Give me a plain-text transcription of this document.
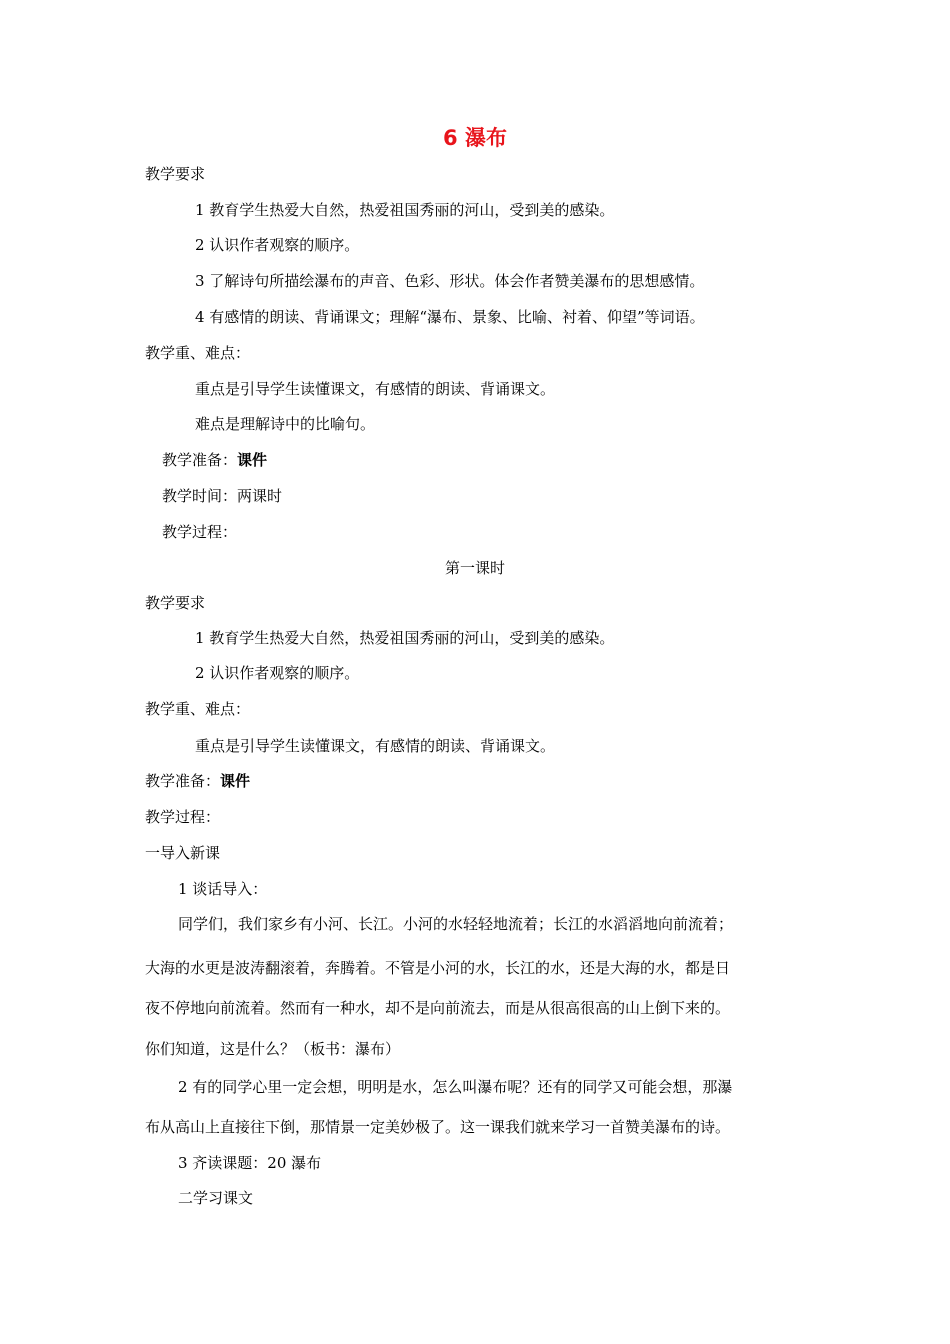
6 瀑布
教学要求
1 教育学生热爱大自然，热爱祖国秀丽的河山，受到美的感染。
2 认识作者观察的顺序。
3 了解诗句所描绘瀑布的声音、色彩、形状。体会作者赞美瀑布的思想感情。
4 有感情的朗读、背诵课文；理解“瀑布、景象、比喻、衬着、仰望”等词语。
教学重、难点：
重点是引导学生读懂课文，有感情的朗读、背诵课文。
难点是理解诗中的比喻句。
教学准备：课件
教学时间：两课时
教学过程：
第一课时
教学要求
1 教育学生热爱大自然，热爱祖国秀丽的河山，受到美的感染。
2 认识作者观察的顺序。
教学重、难点：
重点是引导学生读懂课文，有感情的朗读、背诵课文。
教学准备：课件
教学过程：
一导入新课
1 谈话导入：
同学们，我们家乡有小河、长江。小河的水轻轻地流着；长江的水滔滔地向前流着；
大海的水更是波涛翻滚着，奔腾着。不管是小河的水，长江的水，还是大海的水，都是日
夜不停地向前流着。然而有一种水，却不是向前流去，而是从很高很高的山上倒下来的。
你们知道，这是什么？（板书：瀑布）
2 有的同学心里一定会想，明明是水，怎么叫瀑布呢？还有的同学又可能会想，那瀑
布从高山上直接往下倒，那情景一定美妙极了。这一课我们就来学习一首赞美瀑布的诗。
3 齐读课题：20 瀑布
二学习课文
